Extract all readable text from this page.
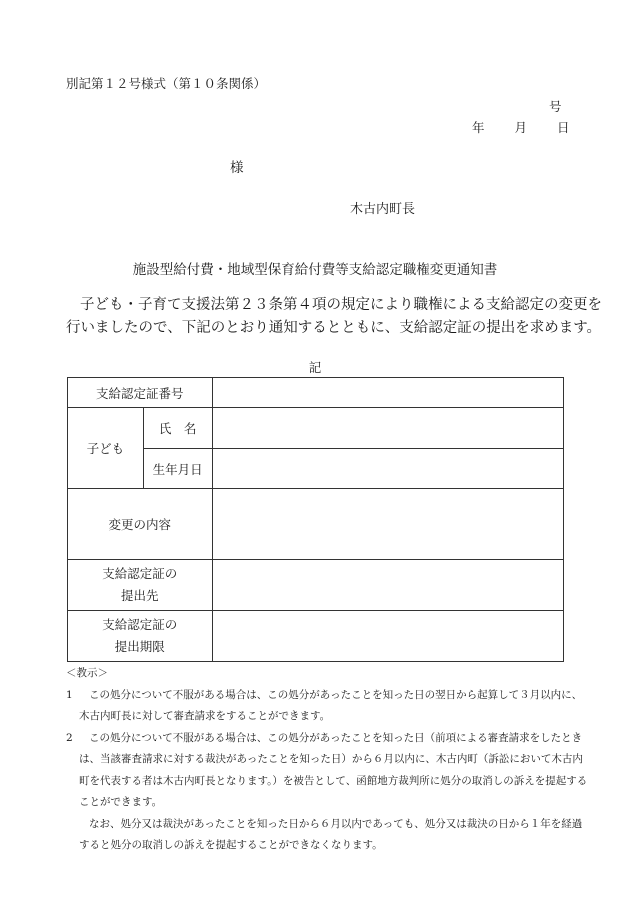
別記第１２号様式（第１０条関係）
号
年 月 日
様
木古内町長
施設型給付費・地域型保育給付費等支給認定職権変更通知書
子ども・子育て支援法第２３条第４項の規定により職権による支給認定の変更を
行いましたので、下記のとおり通知するとともに、支給認定証の提出を求めます。
記
支給認定証番号		
子ども	氏　名	
	生年月日	
変更の内容		

支給認定証の
提出先		

支給認定証の
提出期限		

＜教示＞
1	この処分について不服がある場合は、この処分があったことを知った日の翌日から起算して３月以内に、
木古内町長に対して審査請求をすることができます。
2	この処分について不服がある場合は、この処分があったことを知った日（前項による審査請求をしたとき
は、当該審査請求に対する裁決があったことを知った日）から６月以内に、木古内町（訴訟において木古内
町を代表する者は木古内町長となります。）を被告として、函館地方裁判所に処分の取消しの訴えを提起する
ことができます。
なお、処分又は裁決があったことを知った日から６月以内であっても、処分又は裁決の日から１年を経過
すると処分の取消しの訴えを提起することができなくなります。
